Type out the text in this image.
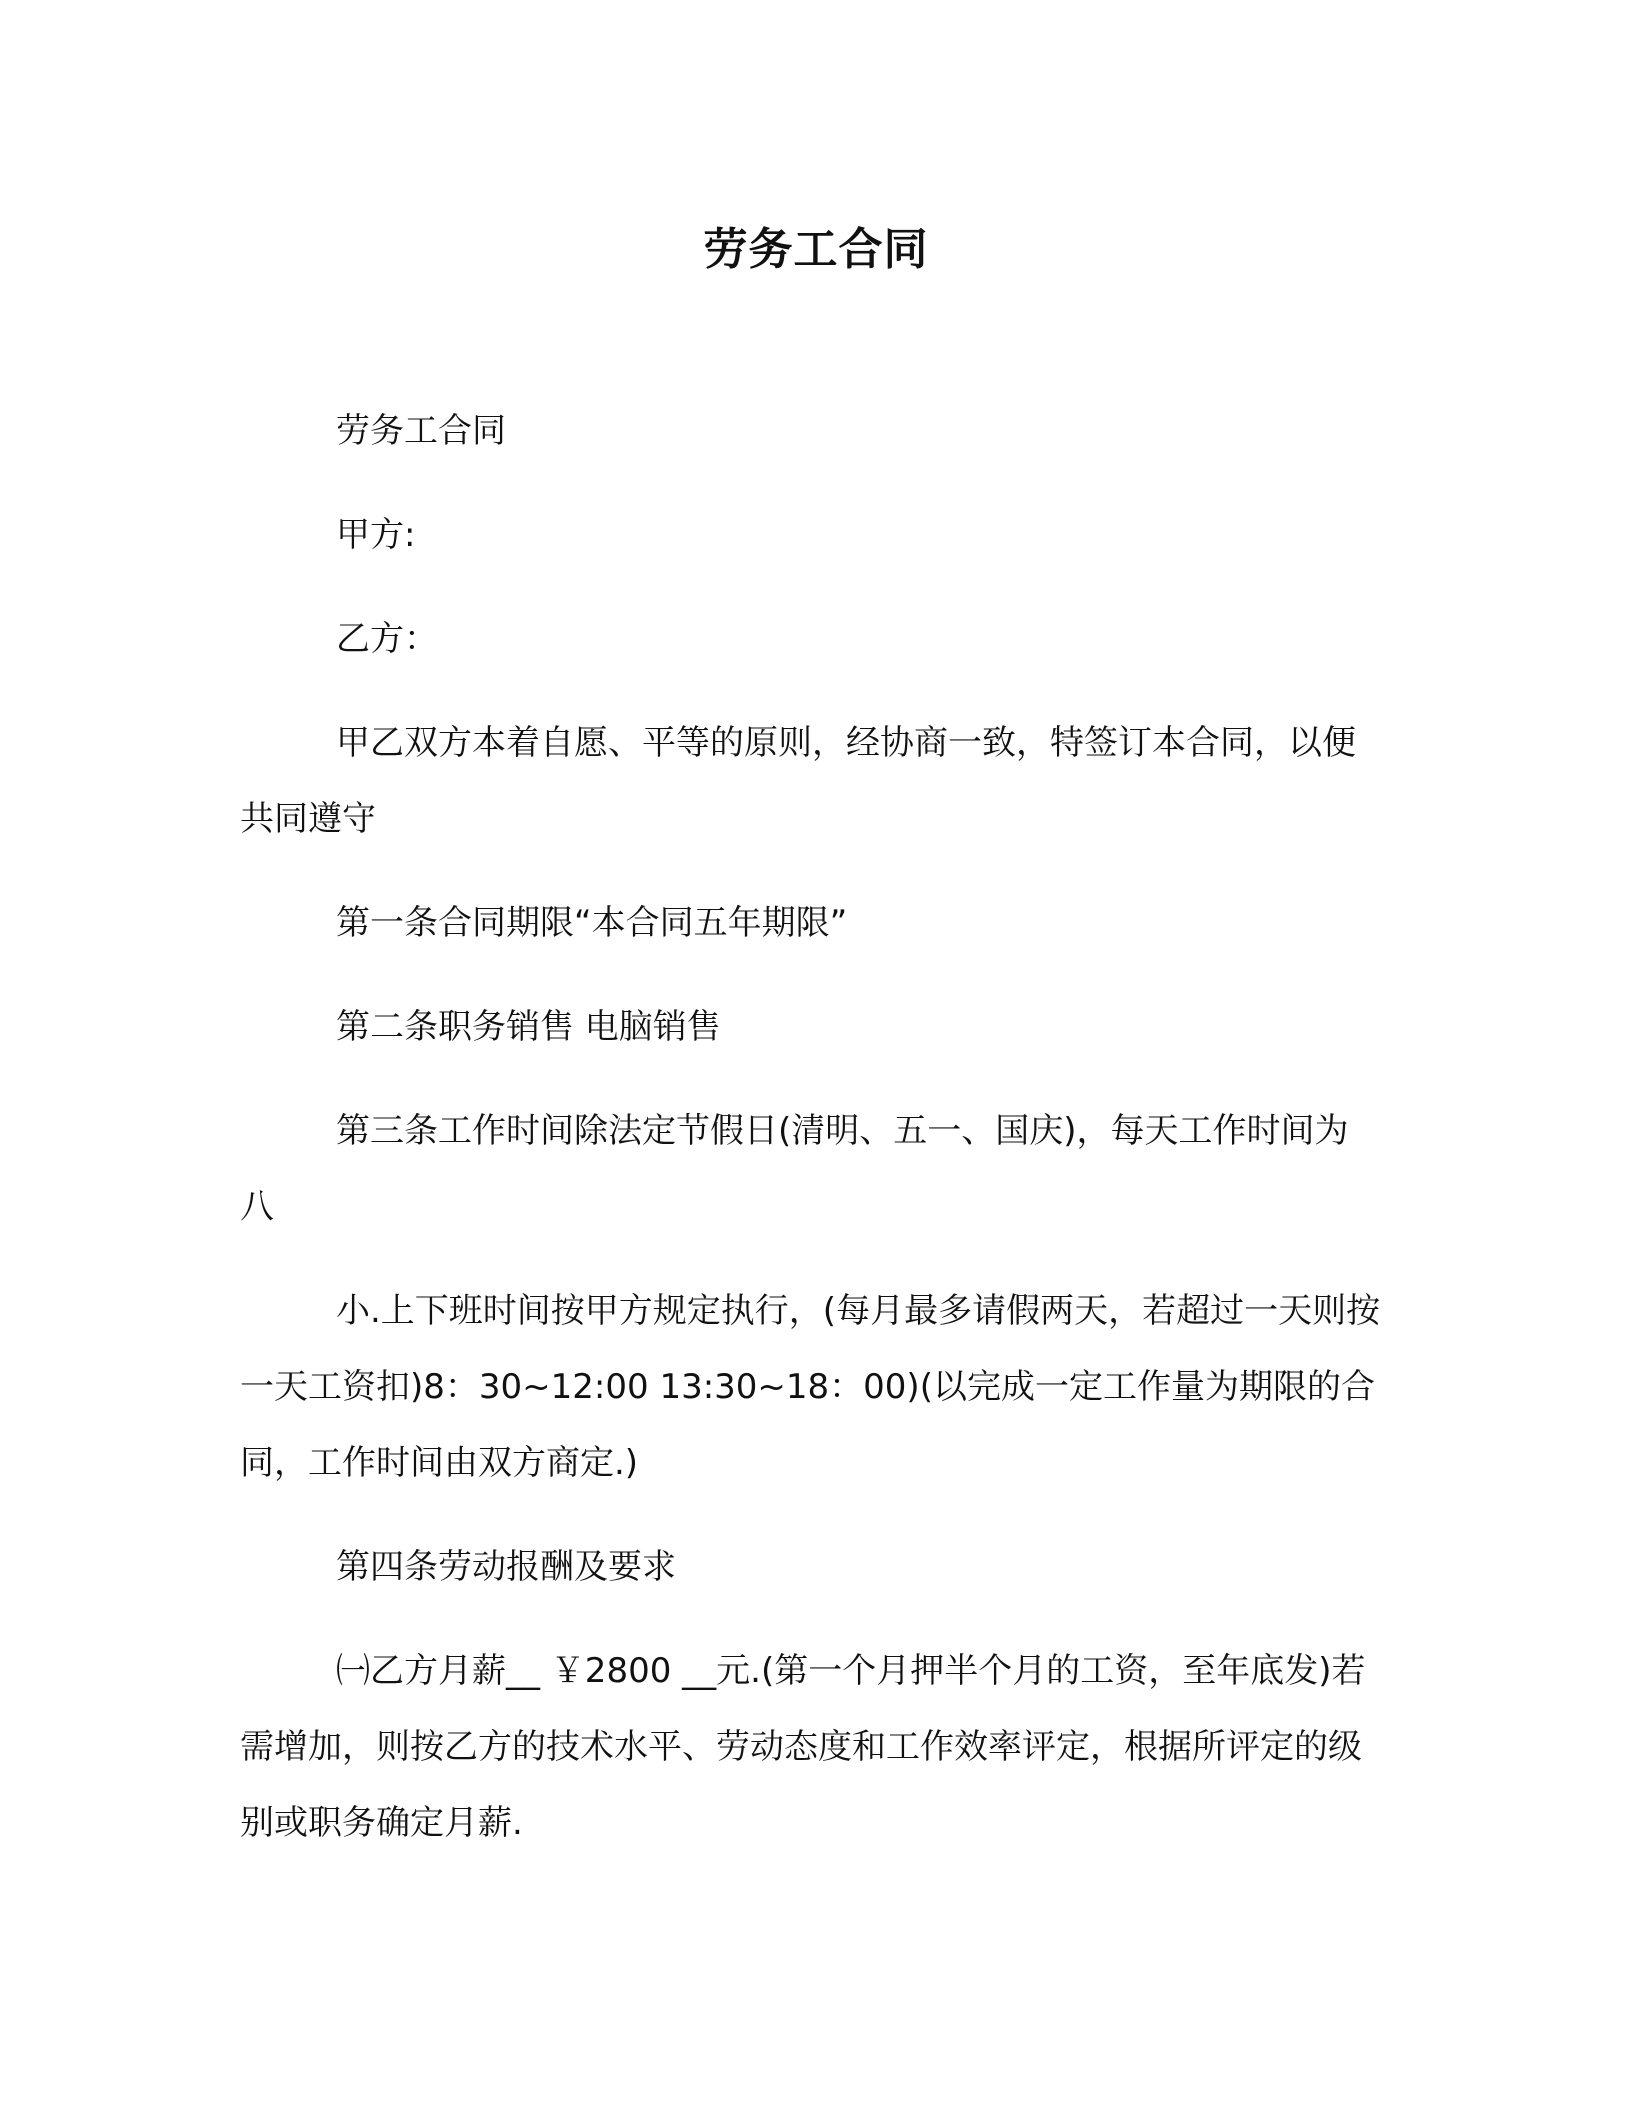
劳务工合同

劳务工合同

甲方:

乙方：

甲乙双方本着自愿、平等的原则，经协商一致，特签订本合同，以便共同遵守

第一条合同期限“本合同五年期限”

第二条职务销售 电脑销售

第三条工作时间除法定节假日(清明、五一、国庆)，每天工作时间为八

小.上下班时间按甲方规定执行，(每月最多请假两天，若超过一天则按一天工资扣)8：30~12:00 13:30~18：00)(以完成一定工作量为期限的合同，工作时间由双方商定.)

第四条劳动报酬及要求

㈠乙方月薪__ ￥2800 __元.(第一个月押半个月的工资，至年底发)若需增加，则按乙方的技术水平、劳动态度和工作效率评定，根据所评定的级别或职务确定月薪.
